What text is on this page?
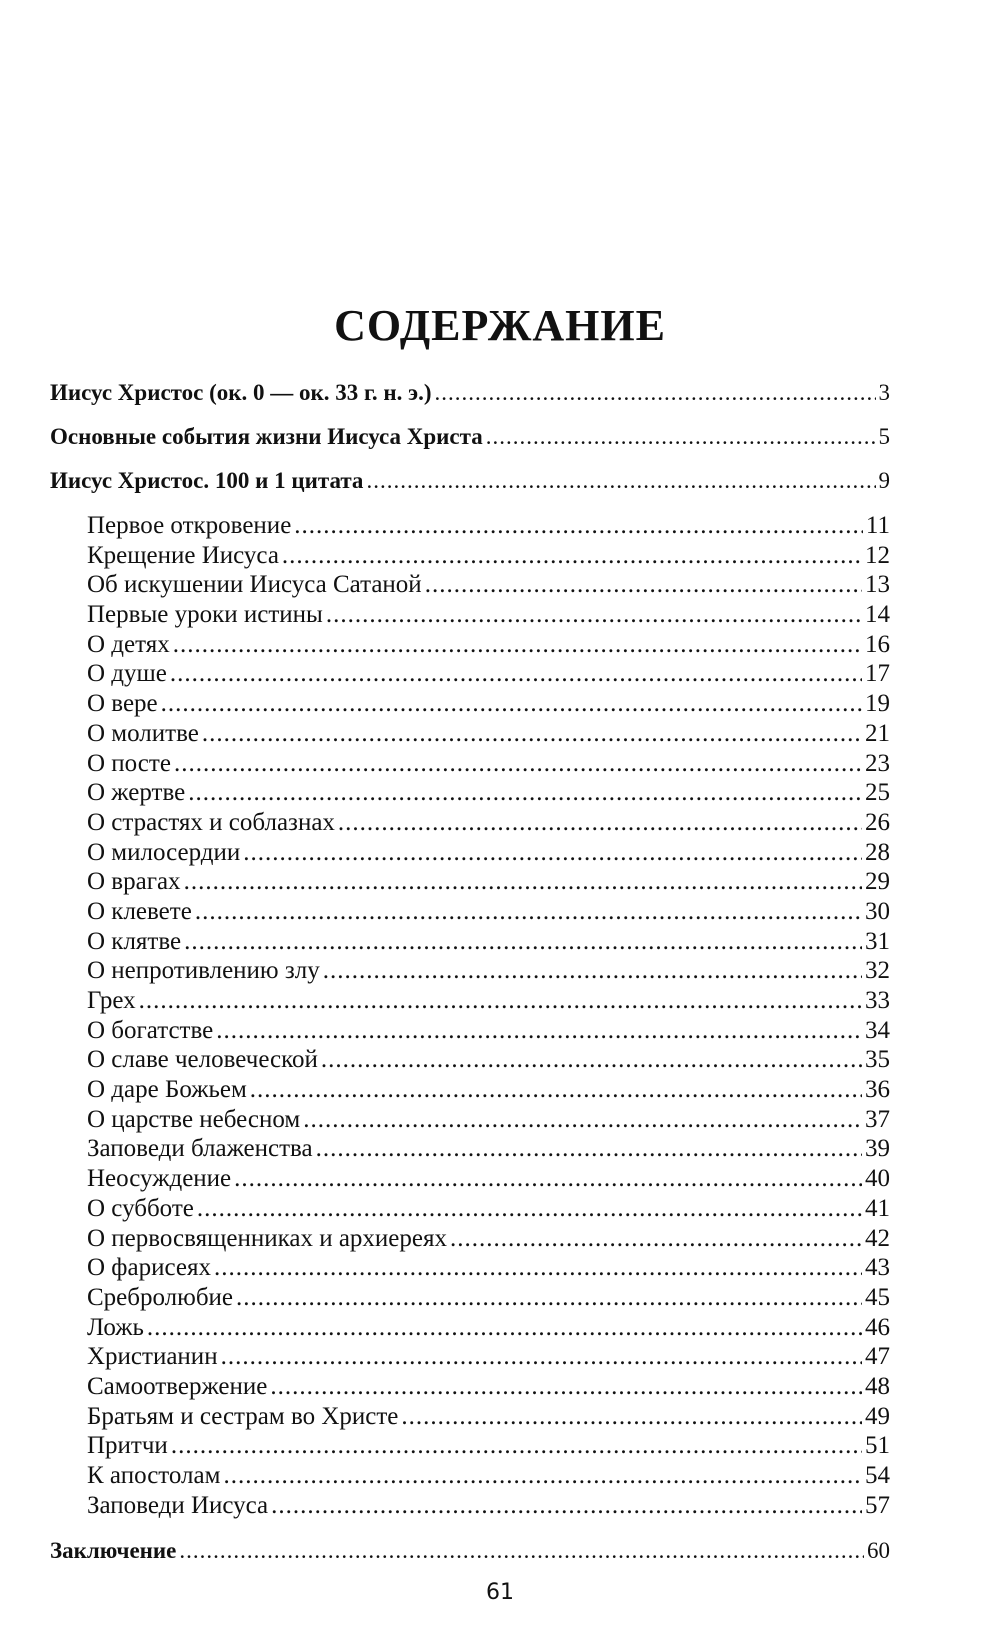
СОДЕРЖАНИЕ
Иисус Христос (ок. 0 — ок. 33 г. н. э.) .....	3
Основные события жизни Иисуса Христа .....	5
Иисус Христос. 100 и 1 цитата .....	9
Первое откровение .....	11
Крещение Иисуса .....	12
Об искушении Иисуса Сатаной .....	13
Первые уроки истины .....	14
О детях .....	16
О душе .....	17
О вере .....	19
О молитве .....	21
О посте .....	23
О жертве .....	25
О страстях и соблазнах .....	26
О милосердии .....	28
О врагах .....	29
О клевете .....	30
О клятве .....	31
О непротивлению злу .....	32
Грех .....	33
О богатстве .....	34
О славе человеческой .....	35
О даре Божьем .....	36
О царстве небесном .....	37
Заповеди блаженства .....	39
Неосуждение .....	40
О субботе .....	41
О первосвященниках и архиереях .....	42
О фарисеях .....	43
Сребролюбие .....	45
Ложь .....	46
Христианин .....	47
Самоотвержение .....	48
Братьям и сестрам во Христе .....	49
Притчи .....	51
К апостолам .....	54
Заповеди Иисуса .....	57
Заключение .....	60
61
